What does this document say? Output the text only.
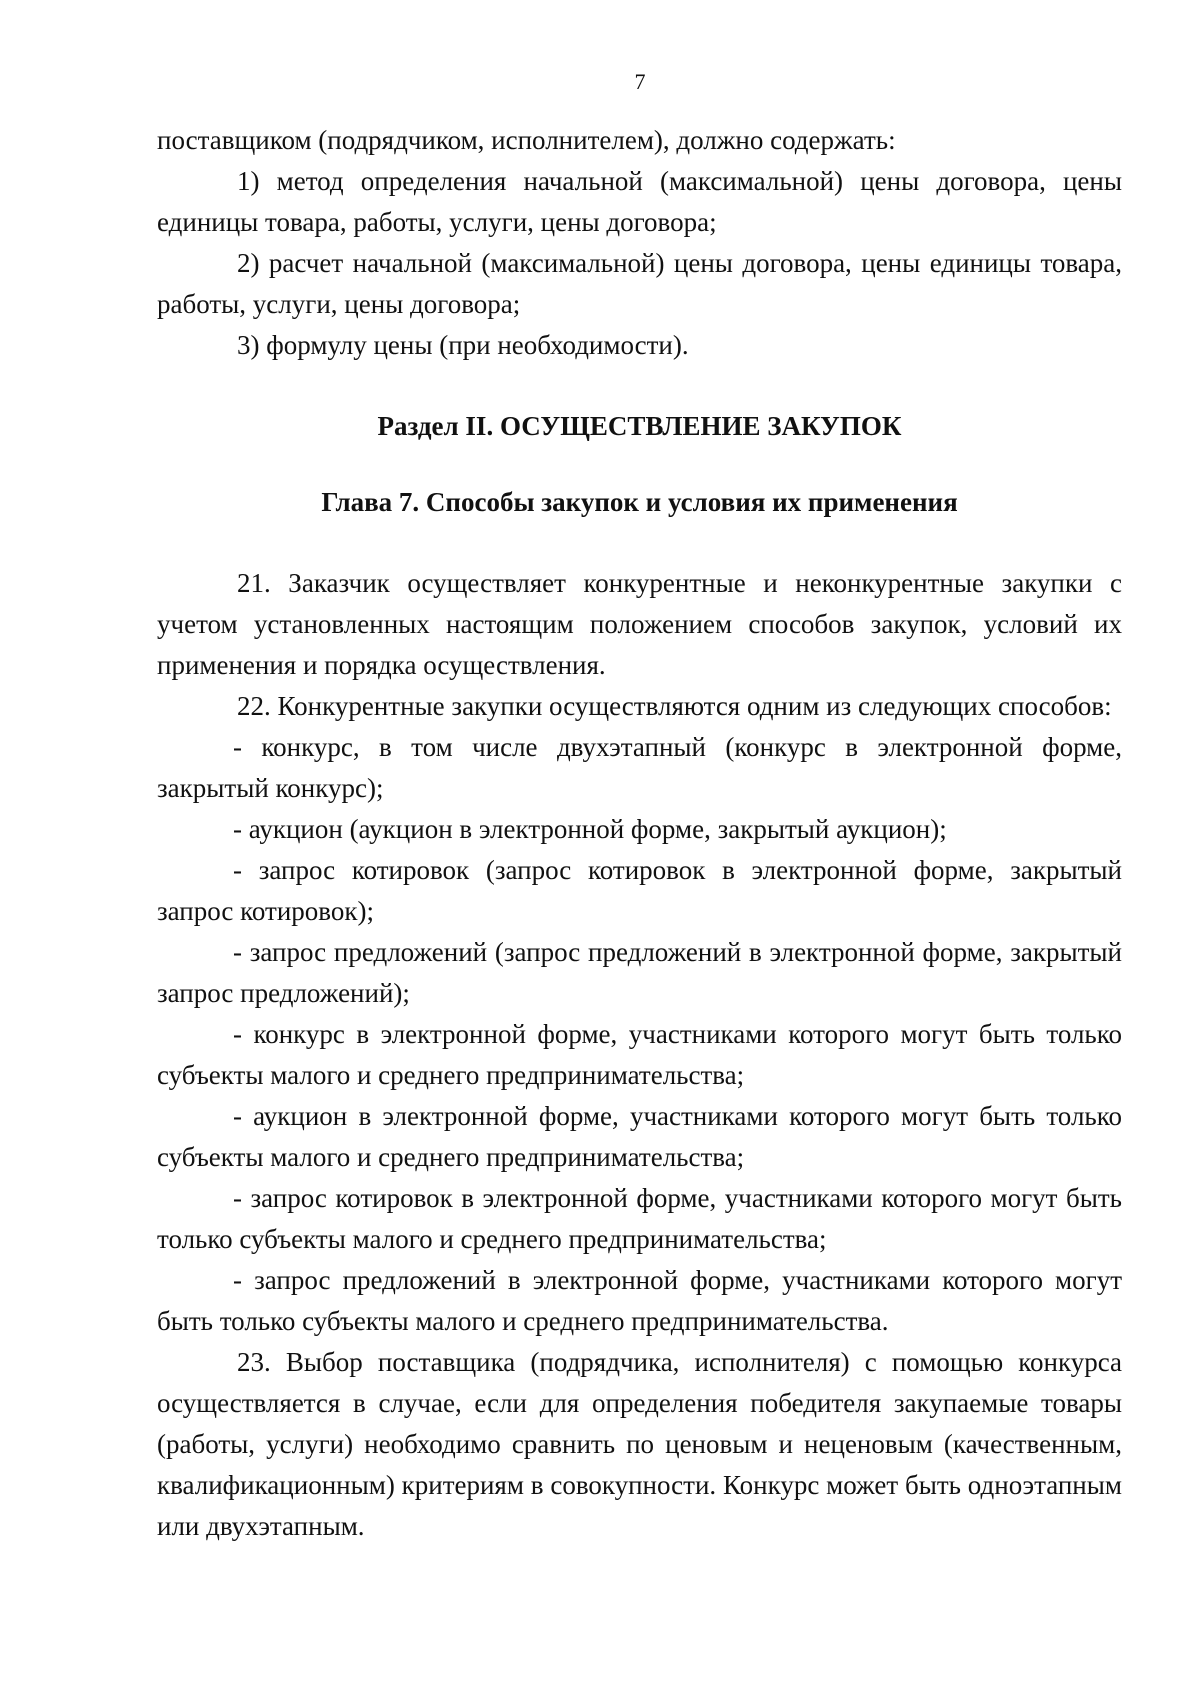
7

поставщиком (подрядчиком, исполнителем), должно содержать:

1) метод определения начальной (максимальной) цены договора, цены единицы товара, работы, услуги, цены договора;

2) расчет начальной (максимальной) цены договора, цены единицы товара, работы, услуги, цены договора;

3) формулу цены (при необходимости).

Раздел II. ОСУЩЕСТВЛЕНИЕ ЗАКУПОК
Глава 7. Способы закупок и условия их применения

21. Заказчик осуществляет конкурентные и неконкурентные закупки с учетом установленных настоящим положением способов закупок, условий их применения и порядка осуществления.

22. Конкурентные закупки осуществляются одним из следующих способов:

- конкурс, в том числе двухэтапный (конкурс в электронной форме, закрытый конкурс);

- аукцион (аукцион в электронной форме, закрытый аукцион);

- запрос котировок (запрос котировок в электронной форме, закрытый запрос котировок);

- запрос предложений (запрос предложений в электронной форме, закрытый запрос предложений);

- конкурс в электронной форме, участниками которого могут быть только субъекты малого и среднего предпринимательства;

- аукцион в электронной форме, участниками которого могут быть только субъекты малого и среднего предпринимательства;

- запрос котировок в электронной форме, участниками которого могут быть только субъекты малого и среднего предпринимательства;

- запрос предложений в электронной форме, участниками которого могут быть только субъекты малого и среднего предпринимательства.

23. Выбор поставщика (подрядчика, исполнителя) с помощью конкурса осуществляется в случае, если для определения победителя закупаемые товары (работы, услуги) необходимо сравнить по ценовым и неценовым (качественным, квалификационным) критериям в совокупности. Конкурс может быть одноэтапным или двухэтапным.
